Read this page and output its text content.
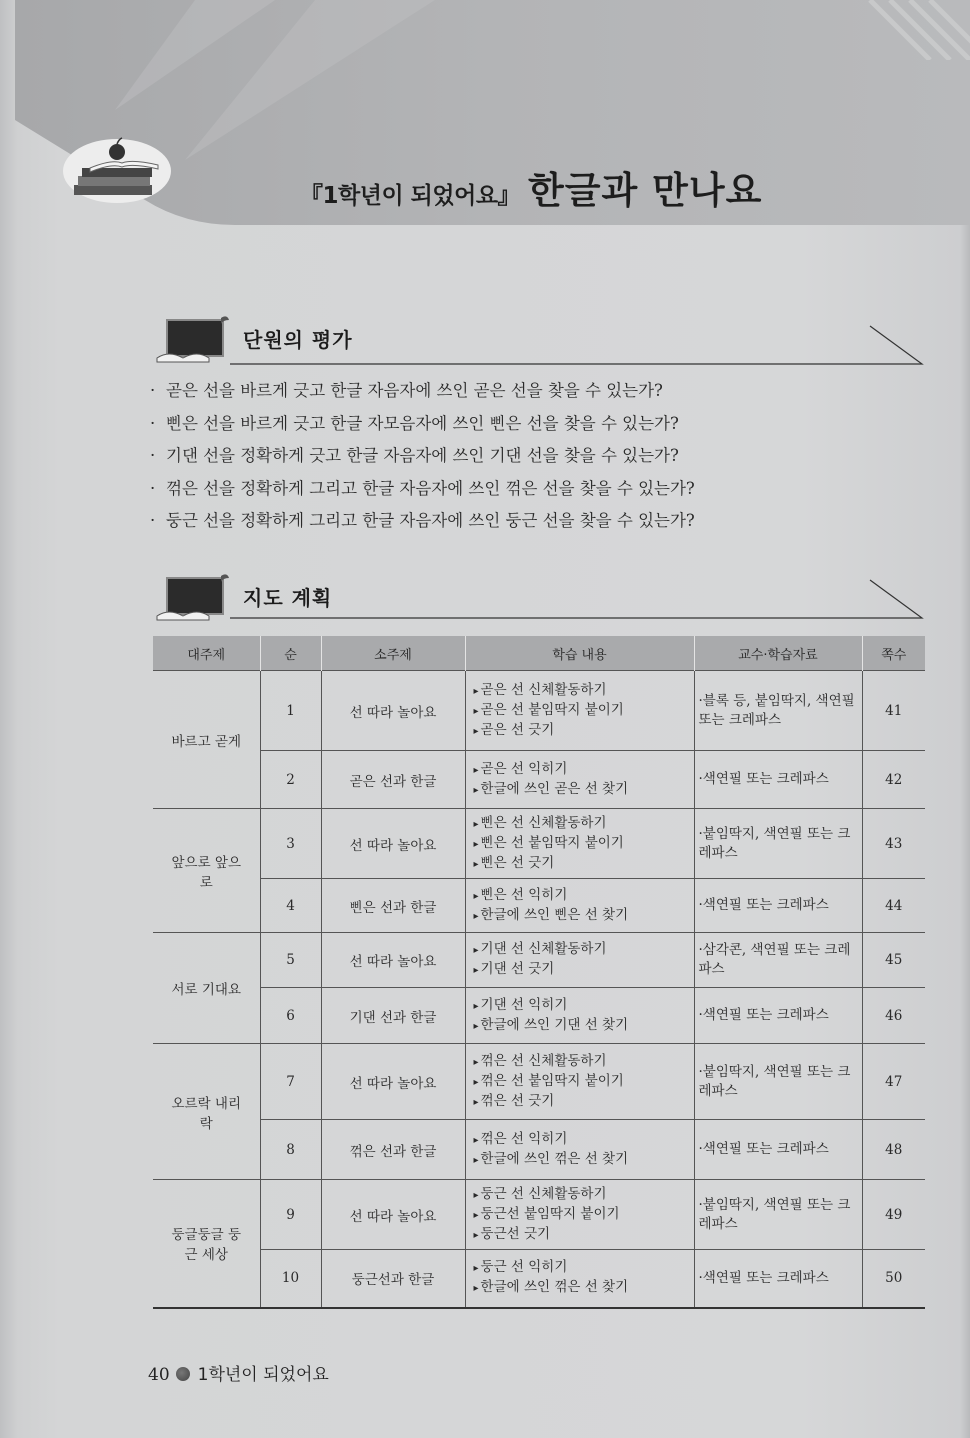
『1학년이 되었어요』 한글과 만나요
단원의 평가
· 곧은 선을 바르게 긋고 한글 자음자에 쓰인 곧은 선을 찾을 수 있는가?
· 삔은 선을 바르게 긋고 한글 자모음자에 쓰인 삔은 선을 찾을 수 있는가?
· 기댄 선을 정확하게 긋고 한글 자음자에 쓰인 기댄 선을 찾을 수 있는가?
· 꺾은 선을 정확하게 그리고 한글 자음자에 쓰인 꺾은 선을 찾을 수 있는가?
· 둥근 선을 정확하게 그리고 한글 자음자에 쓰인 둥근 선을 찾을 수 있는가?
지도 계획
대주제	순	소주제	학습 내용	교수·학습자료	쪽수
바르고 곧게	1	선 따라 놀아요	▸ 곧은 선 신체활동하기
▸ 곧은 선 붙임딱지 붙이기
▸ 곧은 선 긋기	·블록 등, 붙임딱지, 색연필 또는 크레파스	41
	2	곧은 선과 한글	▸ 곧은 선 익히기
▸ 한글에 쓰인 곧은 선 찾기	·색연필 또는 크레파스	42
앞으로 앞으로	3	선 따라 놀아요	▸ 삔은 선 신체활동하기
▸ 삔은 선 붙임딱지 붙이기
▸ 삔은 선 긋기	·붙임딱지, 색연필 또는 크레파스	43
	4	삔은 선과 한글	▸ 삔은 선 익히기
▸ 한글에 쓰인 삔은 선 찾기	·색연필 또는 크레파스	44
서로 기대요	5	선 따라 놀아요	▸ 기댄 선 신체활동하기
▸ 기댄 선 긋기	·삼각콘, 색연필 또는 크레파스	45
	6	기댄 선과 한글	▸ 기댄 선 익히기
▸ 한글에 쓰인 기댄 선 찾기	·색연필 또는 크레파스	46
오르락 내리락	7	선 따라 놀아요	▸ 꺾은 선 신체활동하기
▸ 꺾은 선 붙임딱지 붙이기
▸ 꺾은 선 긋기	·붙임딱지, 색연필 또는 크레파스	47
	8	꺾은 선과 한글	▸ 꺾은 선 익히기
▸ 한글에 쓰인 꺾은 선 찾기	·색연필 또는 크레파스	48
둥글둥글 둥근 세상	9	선 따라 놀아요	▸ 둥근 선 신체활동하기
▸ 둥근선 붙임딱지 붙이기
▸ 둥근선 긋기	·붙임딱지, 색연필 또는 크레파스	49
	10	둥근선과 한글	▸ 둥근 선 익히기
▸ 한글에 쓰인 꺾은 선 찾기	·색연필 또는 크레파스	50
40 1학년이 되었어요
